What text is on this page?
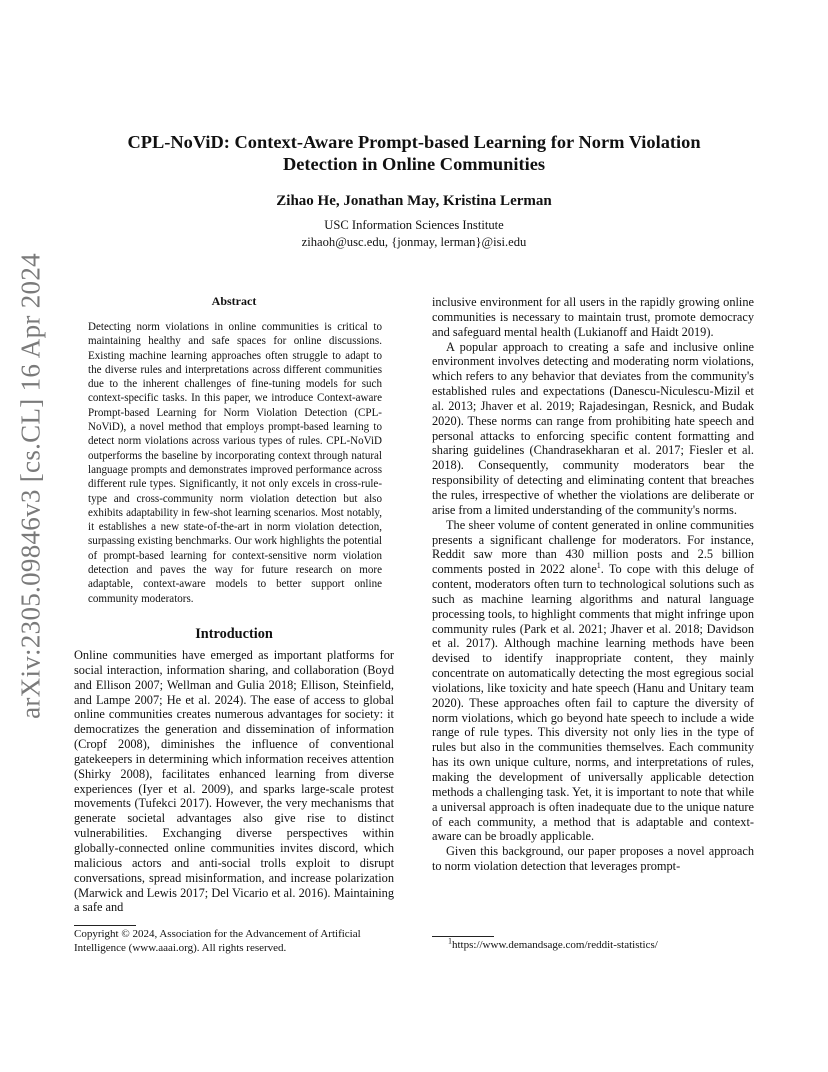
arXiv:2305.09846v3 [cs.CL] 16 Apr 2024
CPL-NoViD: Context-Aware Prompt-based Learning for Norm Violation Detection in Online Communities
Zihao He, Jonathan May, Kristina Lerman
USC Information Sciences Institute
zihaoh@usc.edu, {jonmay, lerman}@isi.edu
Abstract
Detecting norm violations in online communities is critical to maintaining healthy and safe spaces for online discussions. Existing machine learning approaches often struggle to adapt to the diverse rules and interpretations across different communities due to the inherent challenges of fine-tuning models for such context-specific tasks. In this paper, we introduce Context-aware Prompt-based Learning for Norm Violation Detection (CPL-NoViD), a novel method that employs prompt-based learning to detect norm violations across various types of rules. CPL-NoViD outperforms the baseline by incorporating context through natural language prompts and demonstrates improved performance across different rule types. Significantly, it not only excels in cross-rule-type and cross-community norm violation detection but also exhibits adaptability in few-shot learning scenarios. Most notably, it establishes a new state-of-the-art in norm violation detection, surpassing existing benchmarks. Our work highlights the potential of prompt-based learning for context-sensitive norm violation detection and paves the way for future research on more adaptable, context-aware models to better support online community moderators.
Introduction

Online communities have emerged as important platforms for social interaction, information sharing, and collaboration (Boyd and Ellison 2007; Wellman and Gulia 2018; Ellison, Steinfield, and Lampe 2007; He et al. 2024). The ease of access to global online communities creates numerous advantages for society: it democratizes the generation and dissemination of information (Cropf 2008), diminishes the influence of conventional gatekeepers in determining which information receives attention (Shirky 2008), facilitates enhanced learning from diverse experiences (Iyer et al. 2009), and sparks large-scale protest movements (Tufekci 2017). However, the very mechanisms that generate societal advantages also give rise to distinct vulnerabilities. Exchanging diverse perspectives within globally-connected online communities invites discord, which malicious actors and anti-social trolls exploit to disrupt conversations, spread misinformation, and increase polarization (Marwick and Lewis 2017; Del Vicario et al. 2016). Maintaining a safe and

inclusive environment for all users in the rapidly growing online communities is necessary to maintain trust, promote democracy and safeguard mental health (Lukianoff and Haidt 2019).

A popular approach to creating a safe and inclusive online environment involves detecting and moderating norm violations, which refers to any behavior that deviates from the community's established rules and expectations (Danescu-Niculescu-Mizil et al. 2013; Jhaver et al. 2019; Rajadesingan, Resnick, and Budak 2020). These norms can range from prohibiting hate speech and personal attacks to enforcing specific content formatting and sharing guidelines (Chandrasekharan et al. 2017; Fiesler et al. 2018). Consequently, community moderators bear the responsibility of detecting and eliminating content that breaches the rules, irrespective of whether the violations are deliberate or arise from a limited understanding of the community's norms.

The sheer volume of content generated in online communities presents a significant challenge for moderators. For instance, Reddit saw more than 430 million posts and 2.5 billion comments posted in 2022 alone$^1$. To cope with this deluge of content, moderators often turn to technological solutions such as such as machine learning algorithms and natural language processing tools, to highlight comments that might infringe upon community rules (Park et al. 2021; Jhaver et al. 2018; Davidson et al. 2017). Although machine learning methods have been devised to identify inappropriate content, they mainly concentrate on automatically detecting the most egregious social violations, like toxicity and hate speech (Hanu and Unitary team 2020). These approaches often fail to capture the diversity of norm violations, which go beyond hate speech to include a wide range of rule types. This diversity not only lies in the type of rules but also in the communities themselves. Each community has its own unique culture, norms, and interpretations of rules, making the development of universally applicable detection methods a challenging task. Yet, it is important to note that while a universal approach is often inadequate due to the unique nature of each community, a method that is adaptable and context-aware can be broadly applicable.

Given this background, our paper proposes a novel approach to norm violation detection that leverages prompt-

Copyright © 2024, Association for the Advancement of Artificial Intelligence (www.aaai.org). All rights reserved.
$^1$https://www.demandsage.com/reddit-statistics/
